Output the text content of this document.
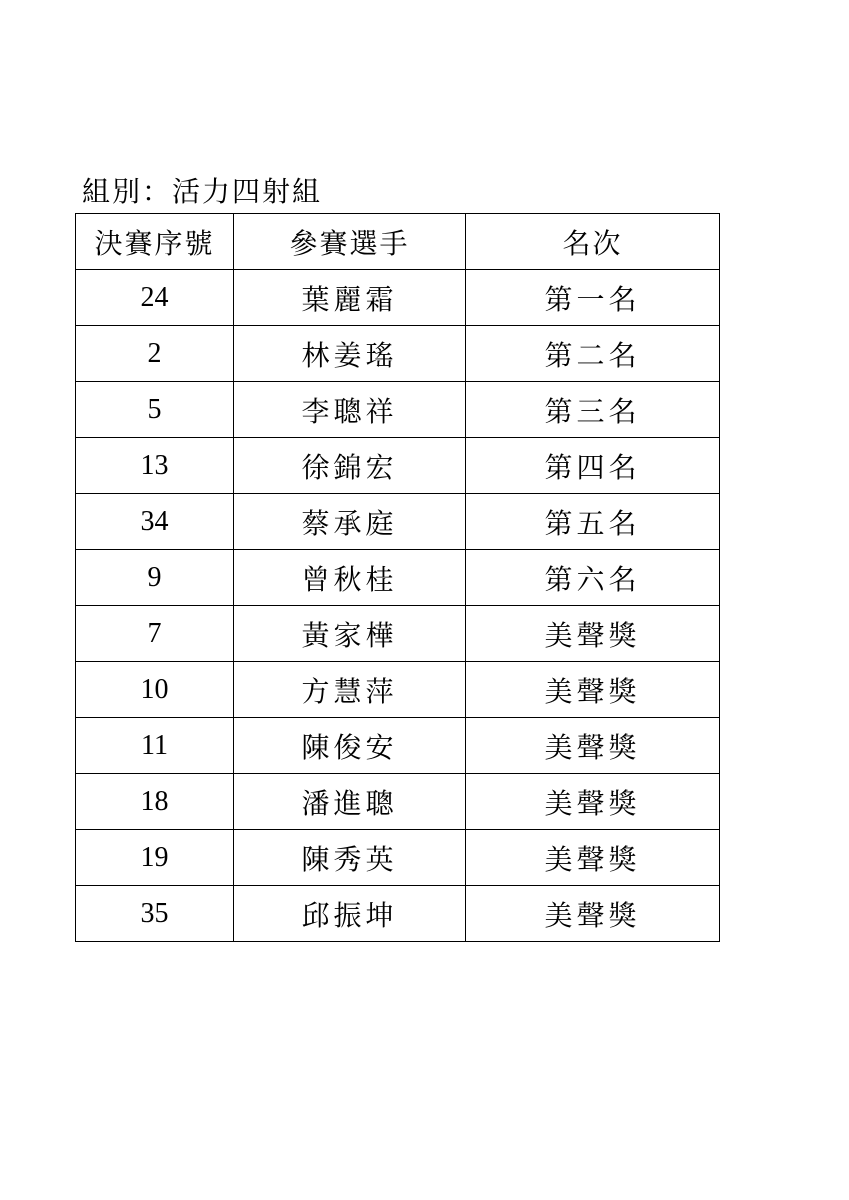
組別：活力四射組
決賽序號	參賽選手	名次
24	葉麗霜	第一名
2	林姜瑤	第二名
5	李聰祥	第三名
13	徐錦宏	第四名
34	蔡承庭	第五名
9	曾秋桂	第六名
7	黃家樺	美聲獎
10	方慧萍	美聲獎
11	陳俊安	美聲獎
18	潘進聰	美聲獎
19	陳秀英	美聲獎
35	邱振坤	美聲獎
